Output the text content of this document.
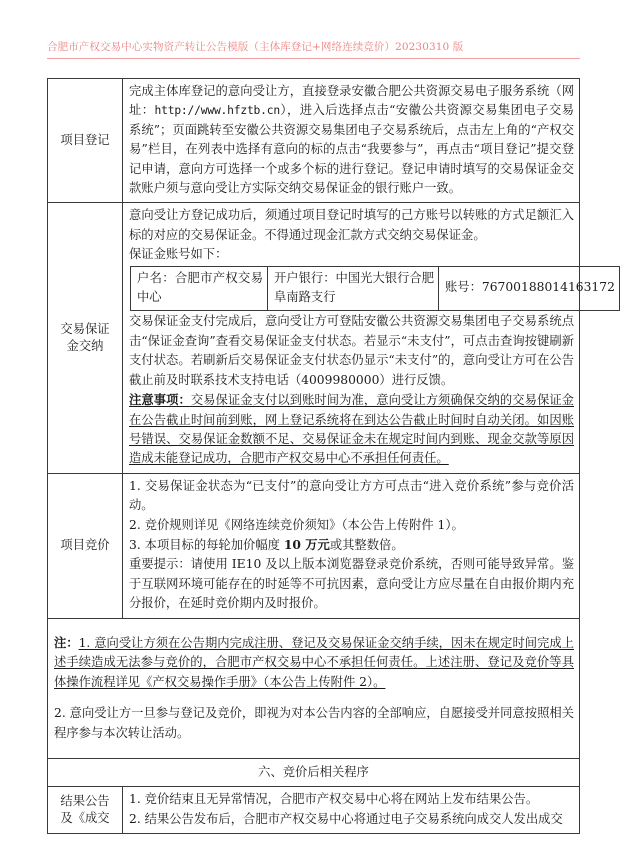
合肥市产权交易中心实物资产转让公告模版（主体库登记+网络连续竞价）20230310 版
项目登记	

完成主体库登记的意向受让方，直接登录安徽合肥公共资源交易电子服务系统（网址：http://www.hfztb.cn），进入后选择点击“安徽公共资源交易集团电子交易系统”；页面跳转至安徽公共资源交易集团电子交易系统后，点击左上角的“产权交易”栏目，在列表中选择有意向的标的点击“我要参与”，再点击“项目登记”提交登记申请，意向方可选择一个或多个标的进行登记。登记申请时填写的交易保证金交款账户须与意向受让方实际交纳交易保证金的银行账户一致。

交易保证
金交纳

意向受让方登记成功后，须通过项目登记时填写的己方账号以转账的方式足额汇入标的对应的交易保证金。不得通过现金汇款方式交纳交易保证金。

保证金账号如下：

户名：合肥市产权交易中心	开户银行：中国光大银行合肥阜南路支行	账号：76700188014163172

交易保证金支付完成后，意向受让方可登陆安徽公共资源交易集团电子交易系统点击“保证金查询”查看交易保证金支付状态。若显示“未支付”，可点击查询按键刷新支付状态。若刷新后交易保证金支付状态仍显示“未支付”的，意向受让方可在公告截止前及时联系技术支持电话（4009980000）进行反馈。

注意事项：交易保证金支付以到账时间为准，意向受让方须确保交纳的交易保证金在公告截止时间前到账，网上登记系统将在到达公告截止时间时自动关闭。如因账号错误、交易保证金数额不足、交易保证金未在规定时间内到账、现金交款等原因造成未能登记成功，合肥市产权交易中心不承担任何责任。

项目竞价	

1. 交易保证金状态为“已支付”的意向受让方方可点击“进入竞价系统”参与竞价活动。

2. 竞价规则详见《网络连续竞价须知》（本公告上传附件 1）。

3. 本项目标的每轮加价幅度 10 万元或其整数倍。

重要提示：请使用 IE10 及以上版本浏览器登录竞价系统，否则可能导致异常。鉴于互联网环境可能存在的时延等不可抗因素，意向受让方应尽量在自由报价期内充分报价，在延时竞价期内及时报价。

注：1. 意向受让方须在公告期内完成注册、登记及交易保证金交纳手续，因未在规定时间完成上述手续造成无法参与竞价的，合肥市产权交易中心不承担任何责任。上述注册、登记及竞价等具体操作流程详见《产权交易操作手册》（本公告上传附件 2）。

2. 意向受让方一旦参与登记及竞价，即视为对本公告内容的全部响应，自愿接受并同意按照相关程序参与本次转让活动。

六、竞价后相关程序

结果公告
及《成交

1. 竞价结束且无异常情况，合肥市产权交易中心将在网站上发布结果公告。

2. 结果公告发布后，合肥市产权交易中心将通过电子交易系统向成交人发出成交
